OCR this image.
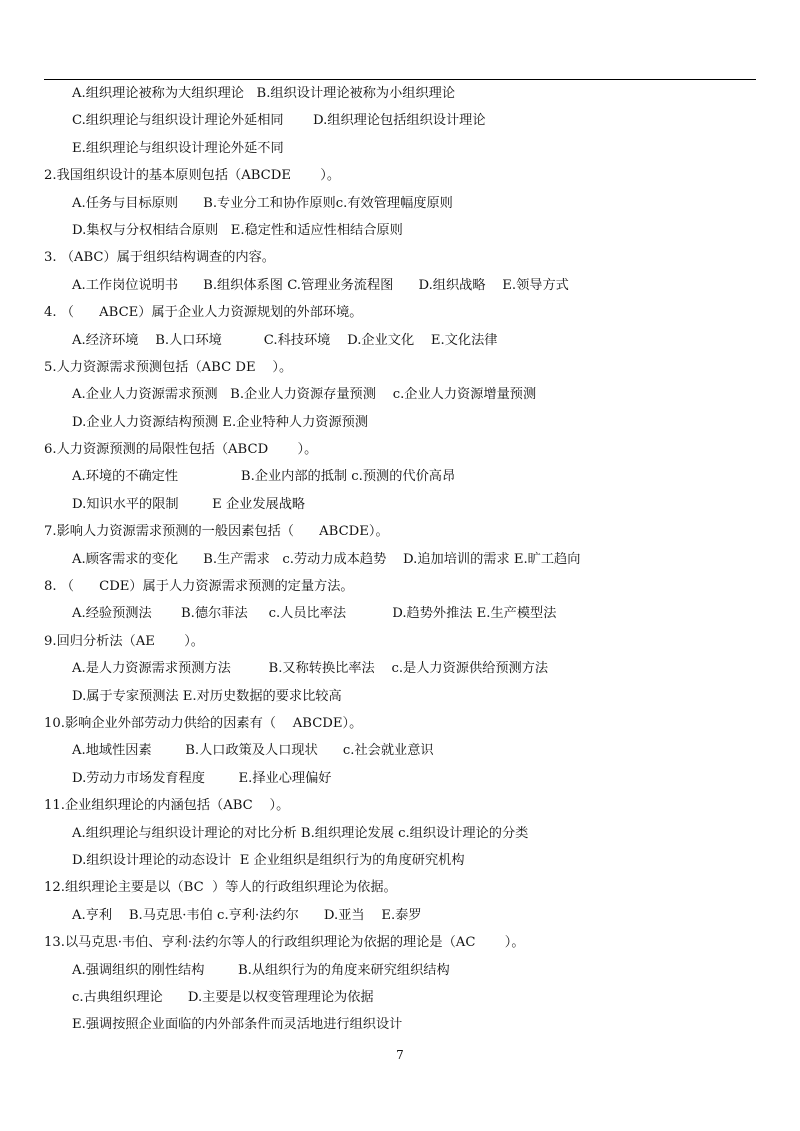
A.组织理论被称为大组织理论   B.组织设计理论被称为小组织理论
C.组织理论与组织设计理论外延相同       D.组织理论包括组织设计理论
E.组织理论与组织设计理论外延不同
2.我国组织设计的基本原则包括（ABCDE       ）。
A.任务与目标原则      B.专业分工和协作原则c.有效管理幅度原则
D.集权与分权相结合原则   E.稳定性和适应性相结合原则
3. （ABC）属于组织结构调查的内容。
A.工作岗位说明书      B.组织体系图 C.管理业务流程图      D.组织战略    E.领导方式
4. （      ABCE）属于企业人力资源规划的外部环境。
A.经济环境    B.人口环境          C.科技环境    D.企业文化    E.文化法律
5.人力资源需求预测包括（ABC DE    ）。
A.企业人力资源需求预测   B.企业人力资源存量预测    c.企业人力资源增量预测
D.企业人力资源结构预测 E.企业特种人力资源预测
6.人力资源预测的局限性包括（ABCD       ）。
A.环境的不确定性               B.企业内部的抵制 c.预测的代价高昂
D.知识水平的限制        E 企业发展战略
7.影响人力资源需求预测的一般因素包括（      ABCDE）。
A.顾客需求的变化      B.生产需求   c.劳动力成本趋势    D.追加培训的需求 E.旷工趋向
8. （      CDE）属于人力资源需求预测的定量方法。
A.经验预测法       B.德尔菲法     c.人员比率法           D.趋势外推法 E.生产模型法
9.回归分析法（AE       ）。
A.是人力资源需求预测方法         B.又称转换比率法    c.是人力资源供给预测方法
D.属于专家预测法 E.对历史数据的要求比较高
10.影响企业外部劳动力供给的因素有（    ABCDE）。
A.地域性因素        B.人口政策及人口现状      c.社会就业意识
D.劳动力市场发育程度        E.择业心理偏好
11.企业组织理论的内涵包括（ABC    ）。
A.组织理论与组织设计理论的对比分析 B.组织理论发展 c.组织设计理论的分类
D.组织设计理论的动态设计  E 企业组织是组织行为的角度研究机构
12.组织理论主要是以（BC  ）等人的行政组织理论为依据。
A.亨利    B.马克思·韦伯 c.亨利·法约尔      D.亚当    E.泰罗
13.以马克思·韦伯、亨利·法约尔等人的行政组织理论为依据的理论是（AC       ）。
A.强调组织的刚性结构        B.从组织行为的角度来研究组织结构
c.古典组织理论      D.主要是以权变管理理论为依据
E.强调按照企业面临的内外部条件而灵活地进行组织设计
7
